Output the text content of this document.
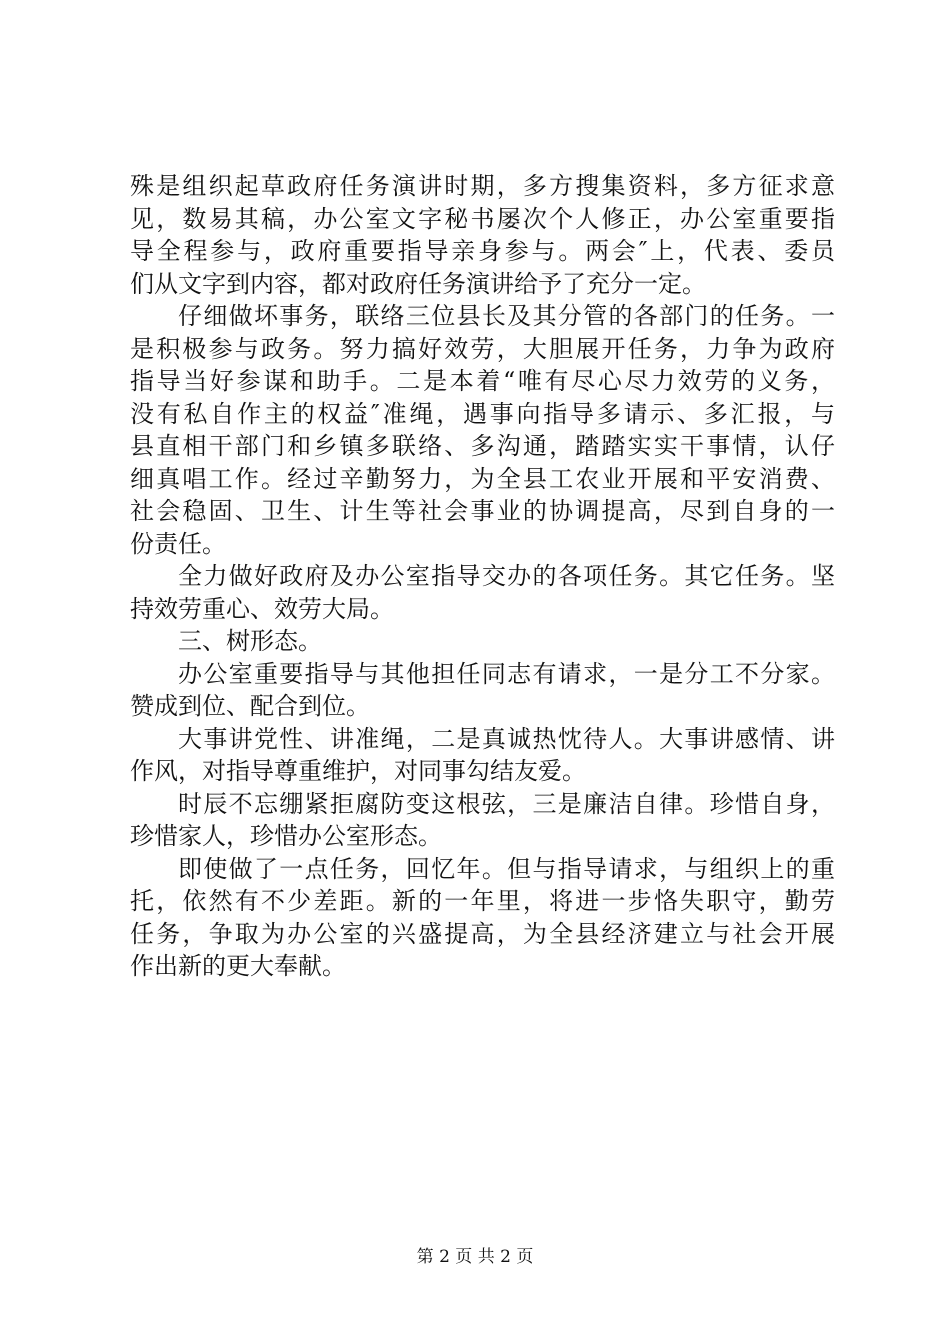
殊是组织起草政府任务演讲时期，多方搜集资料，多方征求意
见，数易其稿，办公室文字秘书屡次个人修正，办公室重要指
导全程参与，政府重要指导亲身参与。两会″上，代表、委员
们从文字到内容，都对政府任务演讲给予了充分一定。
仔细做坏事务，联络三位县长及其分管的各部门的任务。一
是积极参与政务。努力搞好效劳，大胆展开任务，力争为政府
指导当好参谋和助手。二是本着“唯有尽心尽力效劳的义务，
没有私自作主的权益″准绳，遇事向指导多请示、多汇报，与
县直相干部门和乡镇多联络、多沟通，踏踏实实干事情，认仔
细真唱工作。经过辛勤努力，为全县工农业开展和平安消费、
社会稳固、卫生、计生等社会事业的协调提高，尽到自身的一
份责任。
全力做好政府及办公室指导交办的各项任务。其它任务。坚
持效劳重心、效劳大局。
三、树形态。
办公室重要指导与其他担任同志有请求，一是分工不分家。
赞成到位、配合到位。
大事讲党性、讲准绳，二是真诚热忱待人。大事讲感情、讲
作风，对指导尊重维护，对同事勾结友爱。
时辰不忘绷紧拒腐防变这根弦，三是廉洁自律。珍惜自身，
珍惜家人，珍惜办公室形态。
即使做了一点任务，回忆年。但与指导请求，与组织上的重
托，依然有不少差距。新的一年里，将进一步恪失职守，勤劳
任务，争取为办公室的兴盛提高，为全县经济建立与社会开展
作出新的更大奉献。
第 2 页 共 2 页
